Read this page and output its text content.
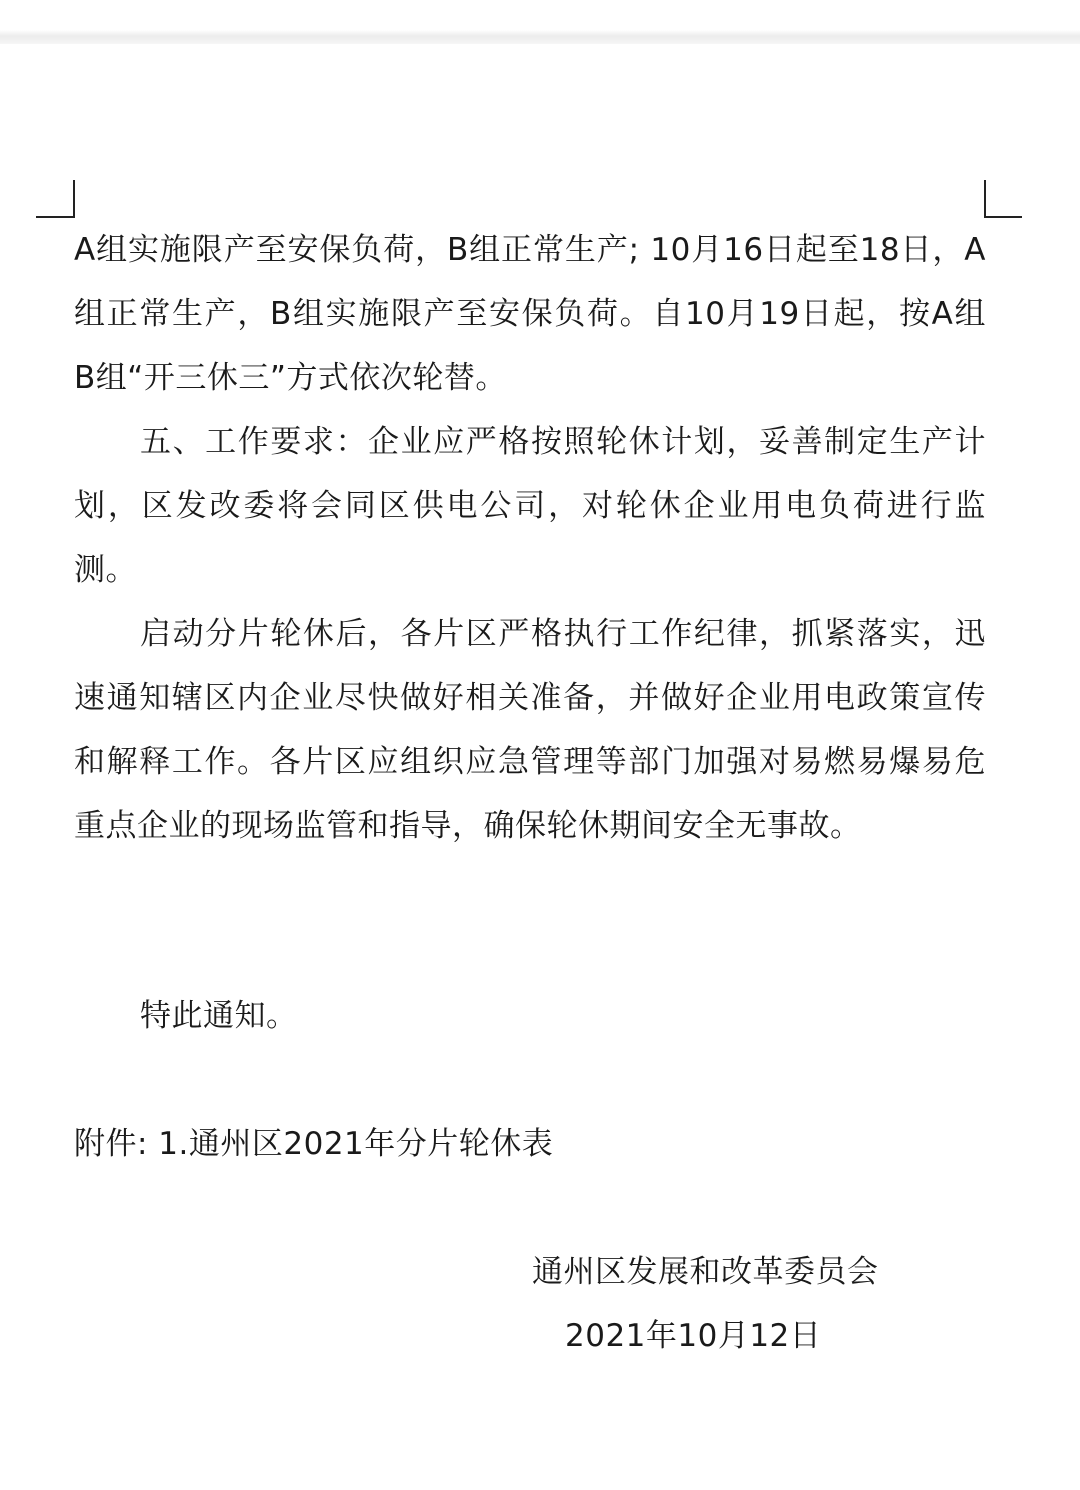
A组实施限产至安保负荷，B组正常生产; 10月16日起至18日，A
组正常生产，B组实施限产至安保负荷。自10月19日起，按A组
B组“开三休三”方式依次轮替。
五、工作要求：企业应严格按照轮休计划，妥善制定生产计
划，区发改委将会同区供电公司，对轮休企业用电负荷进行监
测。
启动分片轮休后，各片区严格执行工作纪律，抓紧落实，迅
速通知辖区内企业尽快做好相关准备，并做好企业用电政策宣传
和解释工作。各片区应组织应急管理等部门加强对易燃易爆易危
重点企业的现场监管和指导，确保轮休期间安全无事故。
特此通知。
附件: 1.通州区2021年分片轮休表
通州区发展和改革委员会
2021年10月12日
